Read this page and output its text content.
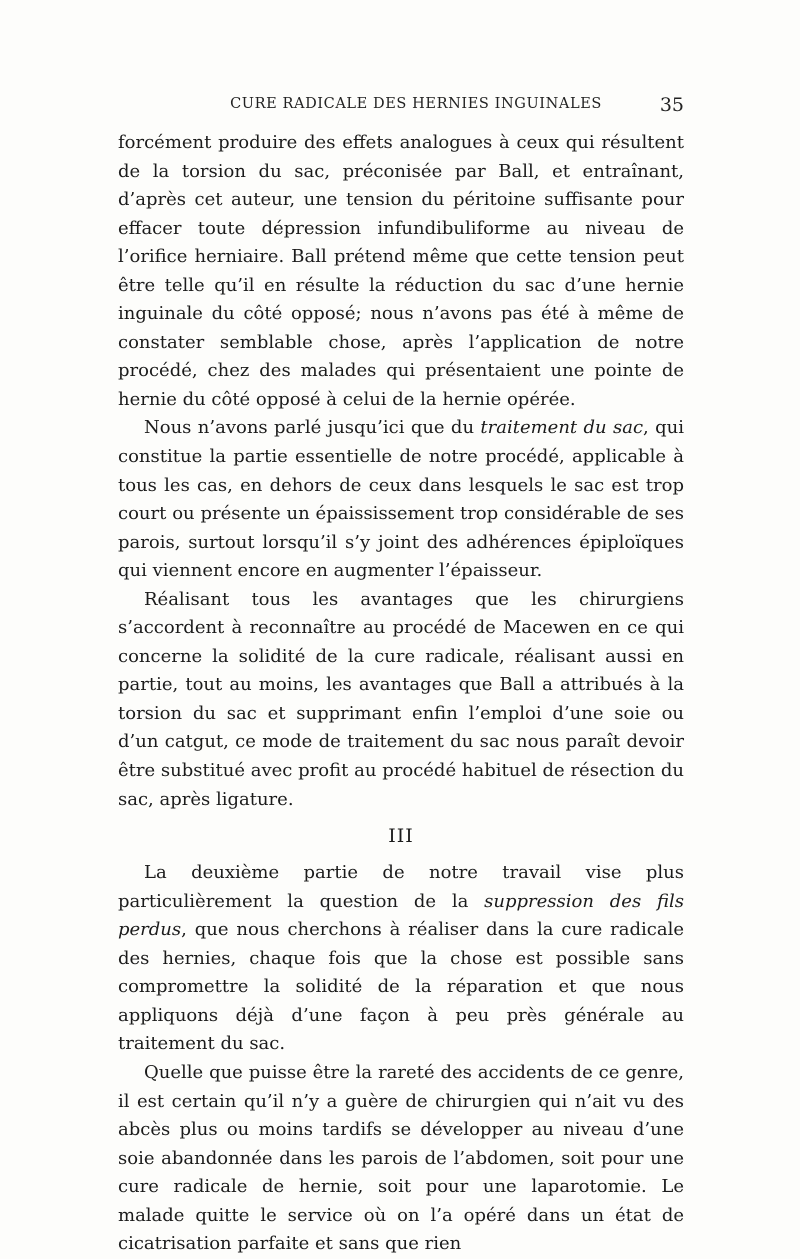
CURE RADICALE DES HERNIES INGUINALES	35

forcément produire des effets analogues à ceux qui résultent de la torsion du sac, préconisée par Ball, et entraînant, d’après cet auteur, une tension du péritoine suffisante pour effacer toute dépression infundibuliforme au niveau de l’orifice herniaire. Ball prétend même que cette tension peut être telle qu’il en résulte la réduction du sac d’une hernie inguinale du côté opposé; nous n’avons pas été à même de constater semblable chose, après l’application de notre procédé, chez des malades qui présentaient une pointe de hernie du côté opposé à celui de la hernie opérée.

Nous n’avons parlé jusqu’ici que du traitement du sac, qui constitue la partie essentielle de notre procédé, applicable à tous les cas, en dehors de ceux dans lesquels le sac est trop court ou présente un épaississement trop considérable de ses parois, surtout lorsqu’il s’y joint des adhérences épiploïques qui viennent encore en augmenter l’épaisseur.

Réalisant tous les avantages que les chirurgiens s’accordent à reconnaître au procédé de Macewen en ce qui concerne la solidité de la cure radicale, réalisant aussi en partie, tout au moins, les avantages que Ball a attribués à la torsion du sac et supprimant enfin l’emploi d’une soie ou d’un catgut, ce mode de traitement du sac nous paraît devoir être substitué avec profit au procédé habituel de résection du sac, après ligature.

III

La deuxième partie de notre travail vise plus particulièrement la question de la suppression des fils perdus, que nous cherchons à réaliser dans la cure radicale des hernies, chaque fois que la chose est possible sans compromettre la solidité de la réparation et que nous appliquons déjà d’une façon à peu près générale au traitement du sac.

Quelle que puisse être la rareté des accidents de ce genre, il est certain qu’il n’y a guère de chirurgien qui n’ait vu des abcès plus ou moins tardifs se développer au niveau d’une soie abandonnée dans les parois de l’abdomen, soit pour une cure radicale de hernie, soit pour une laparotomie. Le malade quitte le service où on l’a opéré dans un état de cicatrisation parfaite et sans que rien
